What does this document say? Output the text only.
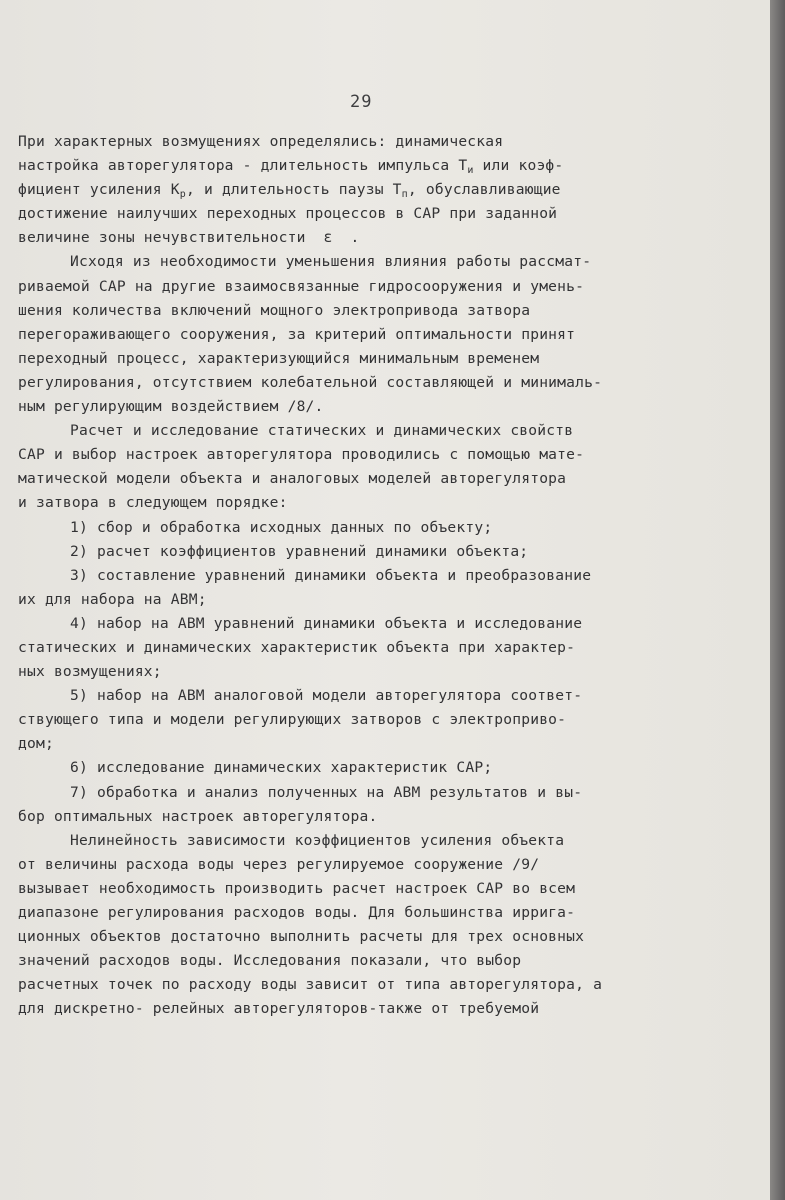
29
При характерных возмущениях определялись: динамическая
настройка авторегулятора - длительность импульса $T_и$ или коэф-
фициент усиления $K_p$, и длительность паузы $T_п$, обуславливающие
достижение наилучших переходных процессов в САР при заданной
величине зоны нечувствительности  ε  .
Исходя из необходимости уменьшения влияния работы рассмат-
риваемой САР на другие взаимосвязанные гидросооружения и умень-
шения количества включений мощного электропривода затвора
перегораживающего сооружения, за критерий оптимальности принят
переходный процесс, характеризующийся минимальным временем
регулирования, отсутствием колебательной составляющей и минималь-
ным регулирующим воздействием /8/.
Расчет и исследование статических и динамических свойств
САР и выбор настроек авторегулятора проводились с помощью мате-
матической модели объекта и аналоговых моделей авторегулятора
и затвора в следующем порядке:
1) сбор и обработка исходных данных по объекту;
2) расчет коэффициентов уравнений динамики объекта;
3) составление уравнений динамики объекта и преобразование
их для набора на АВМ;
4) набор на АВМ уравнений динамики объекта и исследование
статических и динамических характеристик объекта при характер-
ных возмущениях;
5) набор на АВМ аналоговой модели авторегулятора соответ-
ствующего типа и модели регулирующих затворов с электроприво-
дом;
6) исследование динамических характеристик САР;
7) обработка и анализ полученных на АВМ результатов и вы-
бор оптимальных настроек авторегулятора.
Нелинейность зависимости коэффициентов усиления объекта
от величины расхода воды через регулируемое сооружение /9/
вызывает необходимость производить расчет настроек САР во всем
диапазоне регулирования расходов воды. Для большинства ирригa-
ционных объектов достаточно выполнить расчеты для трех основных
значений расходов воды. Исследования показали, что выбор
расчетных точек по расходу воды зависит от типа авторегулятора, а
для дискретно- релейных авторегуляторов-также от требуемой
